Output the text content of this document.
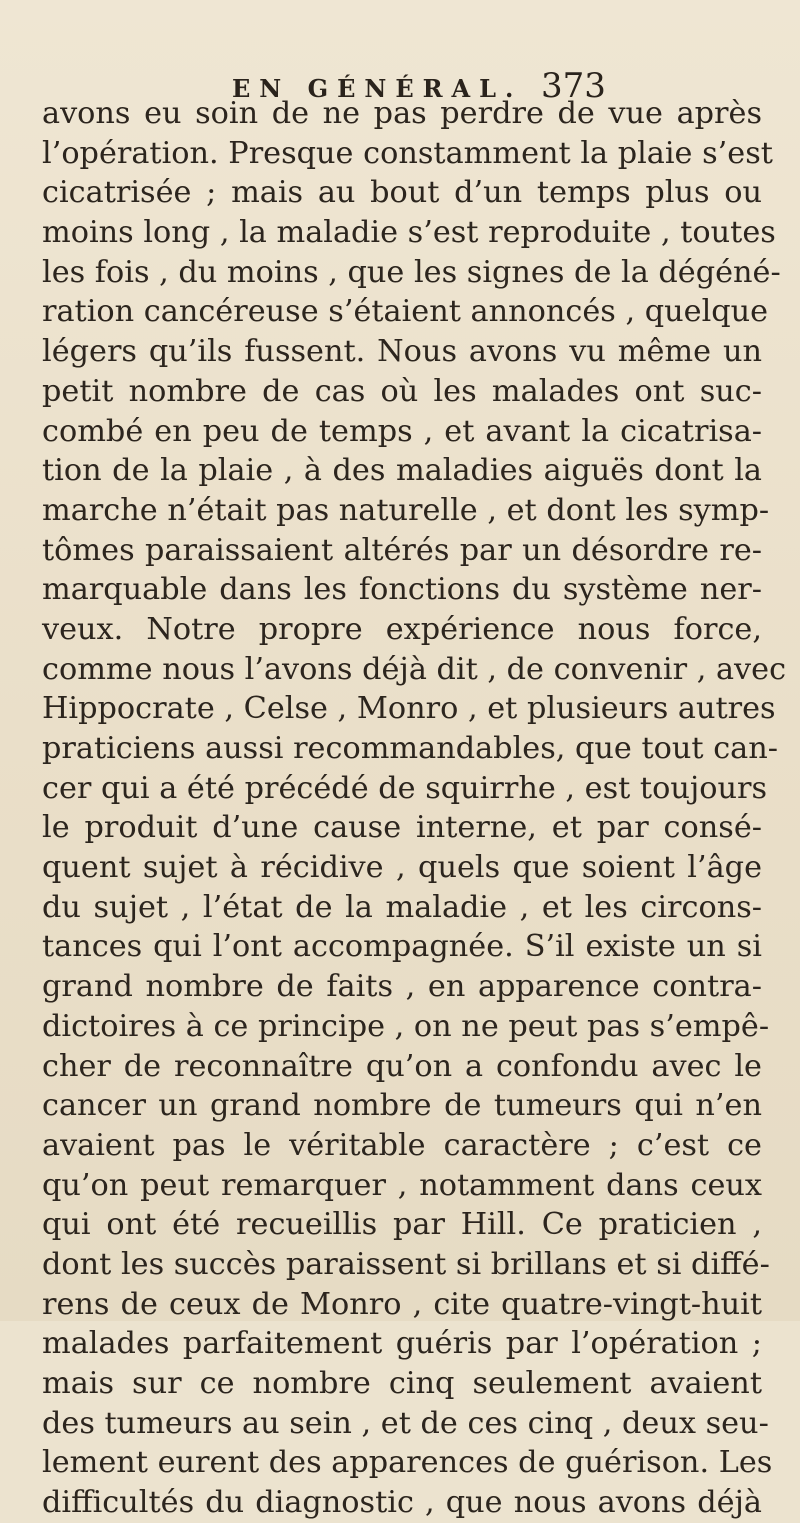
EN GÉNÉRAL. 373
avons eu soin de ne pas perdre de vue après
l’opération. Presque constamment la plaie s’est
cicatrisée ; mais au bout d’un temps plus ou
moins long , la maladie s’est reproduite , toutes
les fois , du moins , que les signes de la dégéné-
ration cancéreuse s’étaient annoncés , quelque
légers qu’ils fussent. Nous avons vu même un
petit nombre de cas où les malades ont suc-
combé en peu de temps , et avant la cicatrisa-
tion de la plaie , à des maladies aiguës dont la
marche n’était pas naturelle , et dont les symp-
tômes paraissaient altérés par un désordre re-
marquable dans les fonctions du système ner-
veux. Notre propre expérience nous force,
comme nous l’avons déjà dit , de convenir , avec
Hippocrate , Celse , Monro , et plusieurs autres
praticiens aussi recommandables, que tout can-
cer qui a été précédé de squirrhe , est toujours
le produit d’une cause interne, et par consé-
quent sujet à récidive , quels que soient l’âge
du sujet , l’état de la maladie , et les circons-
tances qui l’ont accompagnée. S’il existe un si
grand nombre de faits , en apparence contra-
dictoires à ce principe , on ne peut pas s’empê-
cher de reconnaître qu’on a confondu avec le
cancer un grand nombre de tumeurs qui n’en
avaient pas le véritable caractère ; c’est ce
qu’on peut remarquer , notamment dans ceux
qui ont été recueillis par Hill. Ce praticien ,
dont les succès paraissent si brillans et si diffé-
rens de ceux de Monro , cite quatre-vingt-huit
malades parfaitement guéris par l’opération ;
mais sur ce nombre cinq seulement avaient
des tumeurs au sein , et de ces cinq , deux seu-
lement eurent des apparences de guérison. Les
difficultés du diagnostic , que nous avons déjà
